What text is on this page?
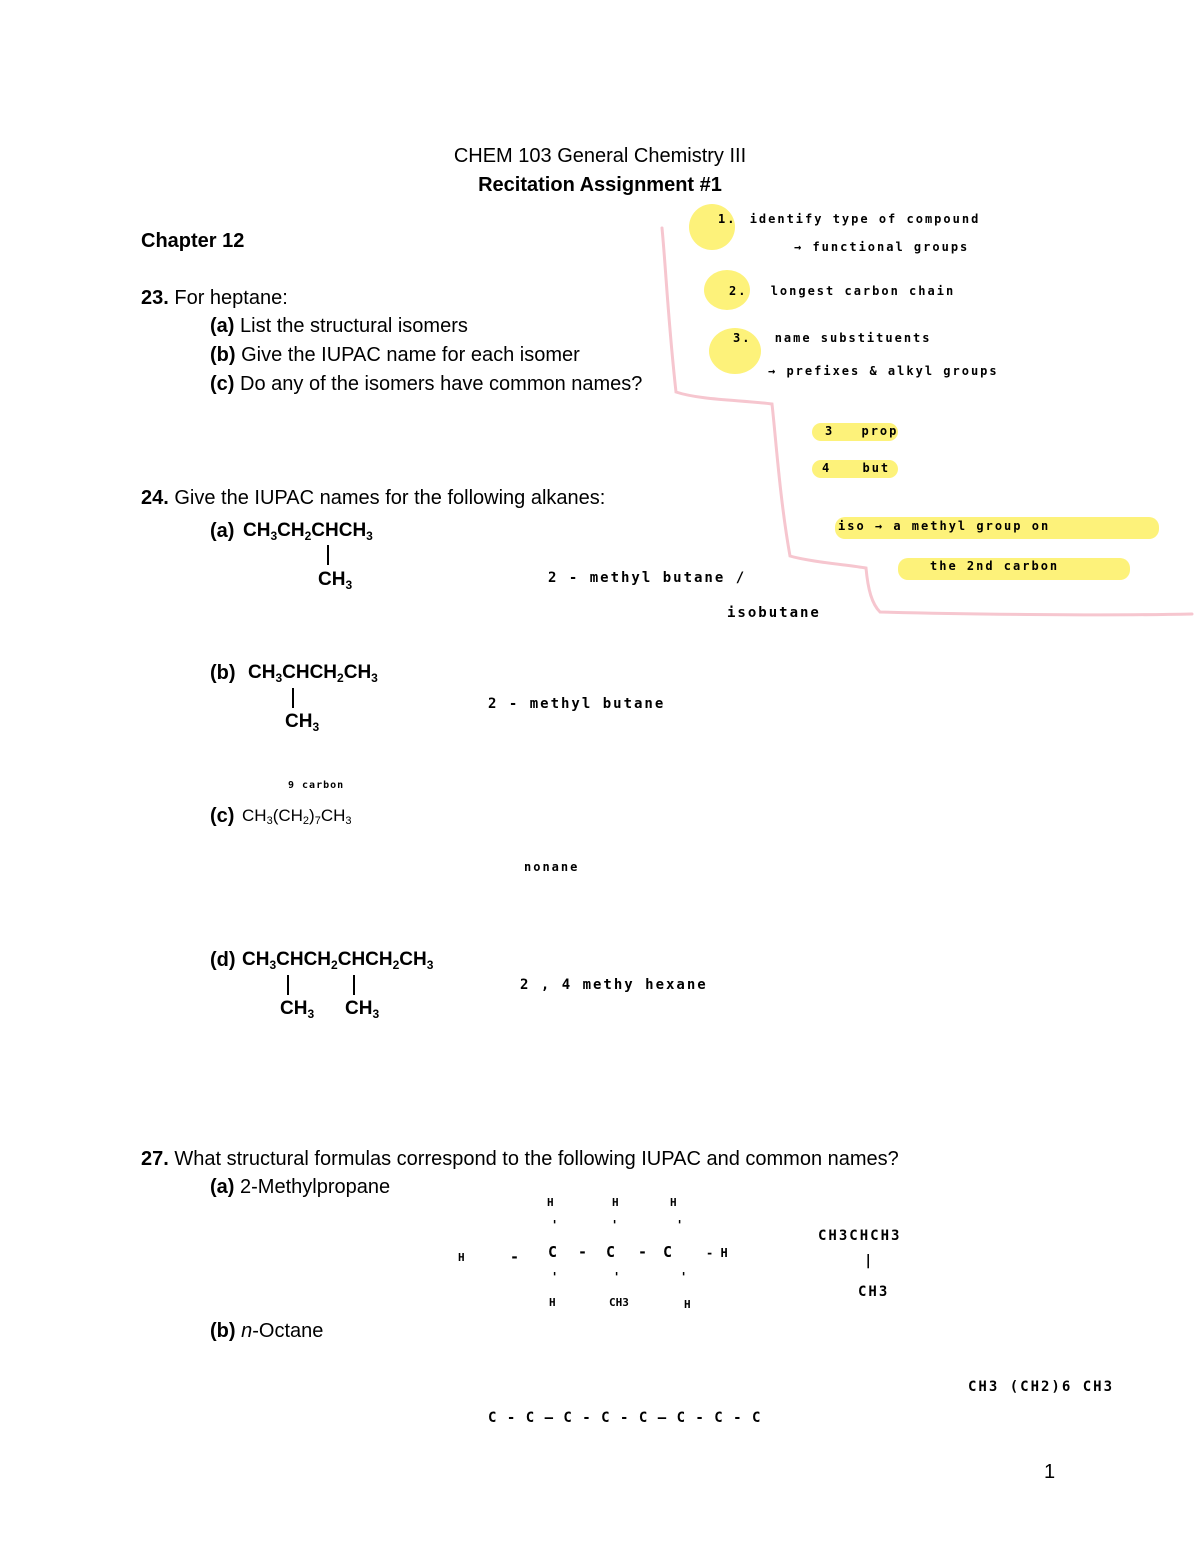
CHEM 103 General Chemistry III
Recitation Assignment #1
Chapter 12
23. For heptane:
(a) List the structural isomers
(b) Give the IUPAC name for each isomer
(c) Do any of the isomers have common names?
1. identify type of compound
→ functional groups
2. longest carbon chain
3. name substituents
→ prefixes & alkyl groups
3 prop
4	but
iso → a methyl group on
the 2nd carbon
24. Give the IUPAC names for the following alkanes:
(a) $CH_3CH_2CHCH_3$
$CH_3$	2 - methyl butane /
isobutane
(b) $CH_3CHCH_2CH_3$
$CH_3$
2 - methyl butane
9 carbon
(c) $CH_3(CH_2)_7CH_3$
nonane
(d) $CH_3CHCH_2CHCH_2CH_3$
$CH_3$ $CH_3$
2 , 4 methy hexane
27. What structural formulas correspond to the following IUPAC and common names?
(a) 2-Methylpropane
H	H	H
'	'	'
H	- C - C - C	- H
'	'	'
H	CH3	H
CH3CHCH3
|
CH3
(b) n-Octane
CH3 (CH2)6 CH3
C - C — C - C - C — C - C - C
1
